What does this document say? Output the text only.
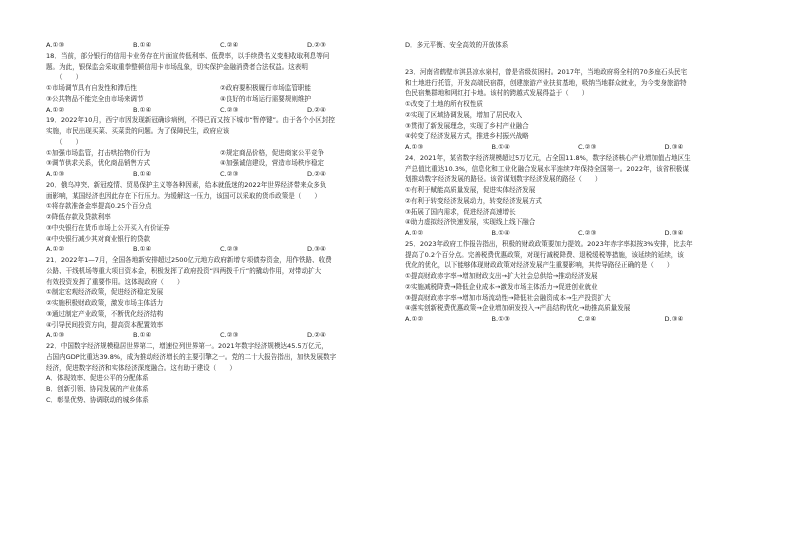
A.①③	B.①④	C.②④	D.②③
18．当前，部分银行的信用卡业务存在片面宣传低利率、低费率，以手续费名义变相收取利息等问
题。为此，银保监会采取重拳整顿信用卡市场乱象，切实保护金融消费者合法权益。这表明
（　　）
①市场调节具有自发性和滞后性	②政府要积极履行市场监管职能
③公共物品不能完全由市场来调节	④良好的市场运行需要规则维护
A.①②	B.①④	C.②③	D.②④
19．2022年10月，西宁市因发现新冠确诊病例，不得已而又按下城市“暂停键”。由于各个小区封控
实施，市民出现买菜、买菜贵的问题。为了保障民生，政府应该
（　　）
①加强市场监管，打击哄抬物价行为	②规定商品价格，促进商家公平竞争
③调节供求关系，优化商品销售方式	④加强诚信建设，营造市场秩序稳定
A.①③	B.①④	C.②③	D.②④
20．俄乌冲突、新冠疫情、贸易保护主义等各种因素，给本就低迷的2022年世界经济带来众多负
面影响，某国经济也因此存在下行压力。为缓解这一压力，该国可以采取的货币政策是（　　）
①将存款准备金率提高0.25个百分点
②降低存款及贷款利率
③中央银行在货币市场上公开买入有价证券
④中央银行减少其对商业银行的贷款
A.①②	B.①④	C.②③	D.③④
21．2022年1—7月，全国各地新安排超过2500亿元地方政府新增专项债券资金，用作铁路、收费
公路、干线机场等重大项目资本金，积极发挥了政府投资“四两拨千斤”的撬动作用，对带动扩大
有效投资发挥了重要作用。这体现政府（　　）
①制定宏观经济政策，促进经济稳定发展
②实施积极财政政策，激发市场主体活力
③通过制定产业政策，不断优化经济结构
④引导民间投资方向，提高资本配置效率
A.①③	B.①④	C.②③	D.②④
22．中国数字经济规模稳居世界第二，增速位列世界第一。2021年数字经济规模达45.5万亿元，
占国内GDP比重达39.8%，成为推动经济增长的主要引擎之一。党的二十大报告指出，加快发展数字
经济，促进数字经济和实体经济深度融合。这有助于建设（　　）
A．体现效率、促进公平的分配体系
B．创新引领、协同发展的产业体系
C．彰显优势、协调联动的城乡体系
D．多元平衡、安全高效的开放体系
23．河南省鹤壁市淇县凉水泉村，曾是省级贫困村。2017年，当地政府将全村的70多座石头民宅
和土地进行托管，开发高端民宿群，创建旅游产业扶贫基地，吸纳当地群众就业，为今变身旅游特
色民宿集群地和网红打卡地。该村的跨越式发展得益于（　　）
①改变了土地的所有权性质
②实现了区域协调发展，增加了居民收入
③贯彻了新发展理念，实现了乡村产业融合
④转变了经济发展方式，推进乡村振兴战略
A.①③	B.①④	C.②③	D.③④
24．2021年，某省数字经济规模超过5万亿元，占全国11.8%，数字经济核心产业增加值占地区生
产总值比重达10.3%，信息化和工业化融合发展水平连续7年保持全国第一。2022年，该省积极谋
划推动数字经济发展的路径。该省谋划数字经济发展的路径（　　）
①有利于赋能高质量发展，促进实体经济发展
②有利于转变经济发展动力，转变经济发展方式
③拓展了国内需求，促进经济高速增长
④助力虚拟经济快速发展，实现线上线下融合
A.①②	B.①④	C.②③	D.③④
25．2023年政府工作报告指出，积极的财政政策要加力提效。2023年赤字率拟按3%安排，比去年
提高了0.2个百分点。完善税费优惠政策，对现行减税降费、退税缓税等措施，该延续的延续，该
优化的优化，以下能够体现财政政策对经济发展产生重要影响，其传导路径正确的是（　　）
①提高财政赤字率→增加财政支出→扩大社会总供给→推动经济发展
②实施减税降费→降低企业成本→激发市场主体活力→促进创业就业
③提高财政赤字率→增加市场流动性→降低社会融资成本→生产投资扩大
④落实创新税费优惠政策→企业增加研发投入→产品结构优化→助推高质量发展
A.①②	B.①③	C.②④	D.③④
